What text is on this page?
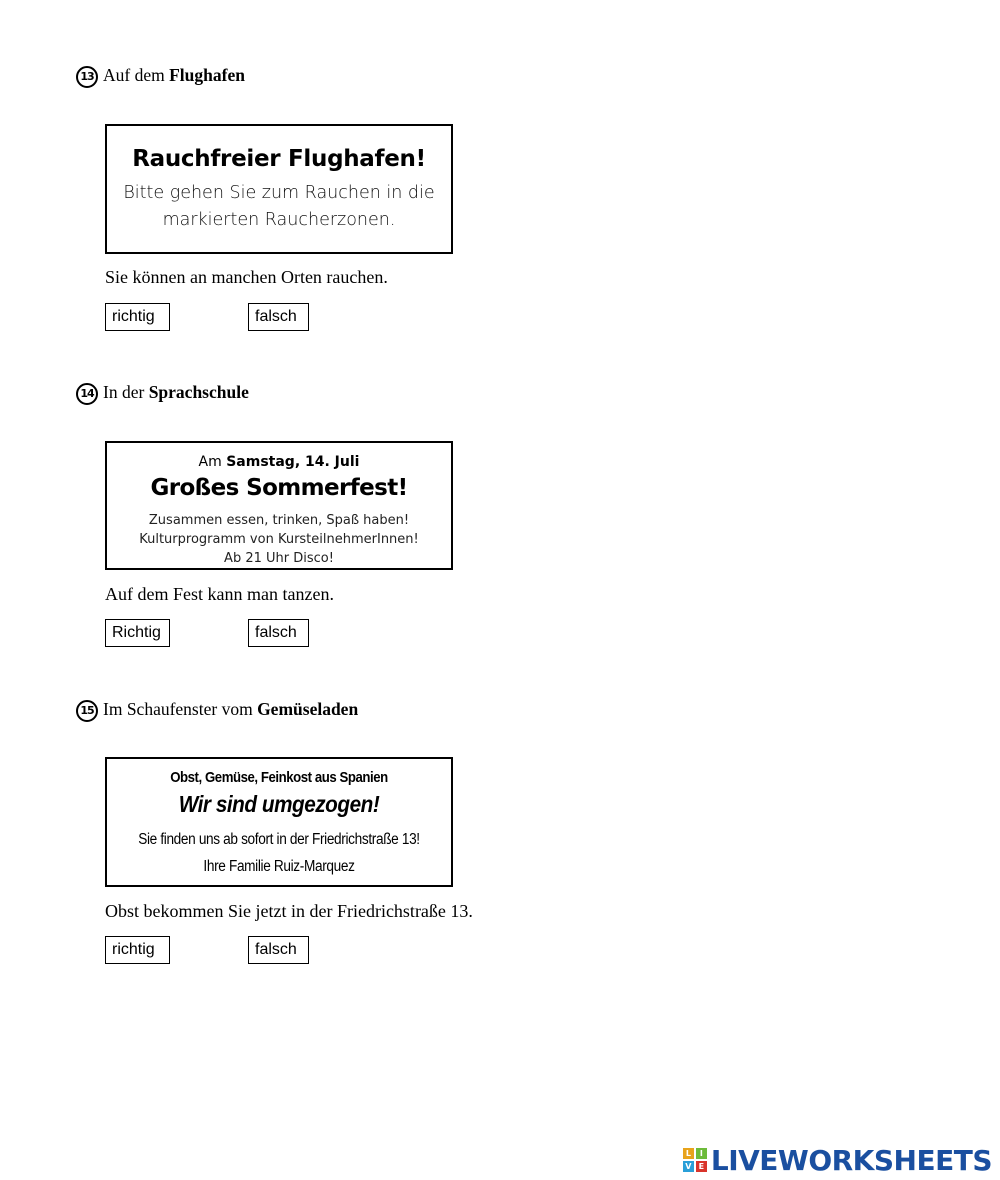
13 Auf dem Flughafen
Rauchfreier Flughafen!
Bitte gehen Sie zum Rauchen in die
markierten Raucherzonen.
Sie können an manchen Orten rauchen.
richtig	falsch
14 In der Sprachschule
Am Samstag, 14. Juli
Großes Sommerfest!
Zusammen essen, trinken, Spaß haben!
Kulturprogramm von KursteilnehmerInnen!
Ab 21 Uhr Disco!
Auf dem Fest kann man tanzen.
Richtig	falsch
15 Im Schaufenster vom Gemüseladen
Obst, Gemüse, Feinkost aus Spanien
Wir sind umgezogen!
Sie finden uns ab sofort in der Friedrichstraße 13!
Ihre Familie Ruiz-Marquez
Obst bekommen Sie jetzt in der Friedrichstraße 13.
richtig	falsch
L	I
V E LIVEWORKSHEETS
